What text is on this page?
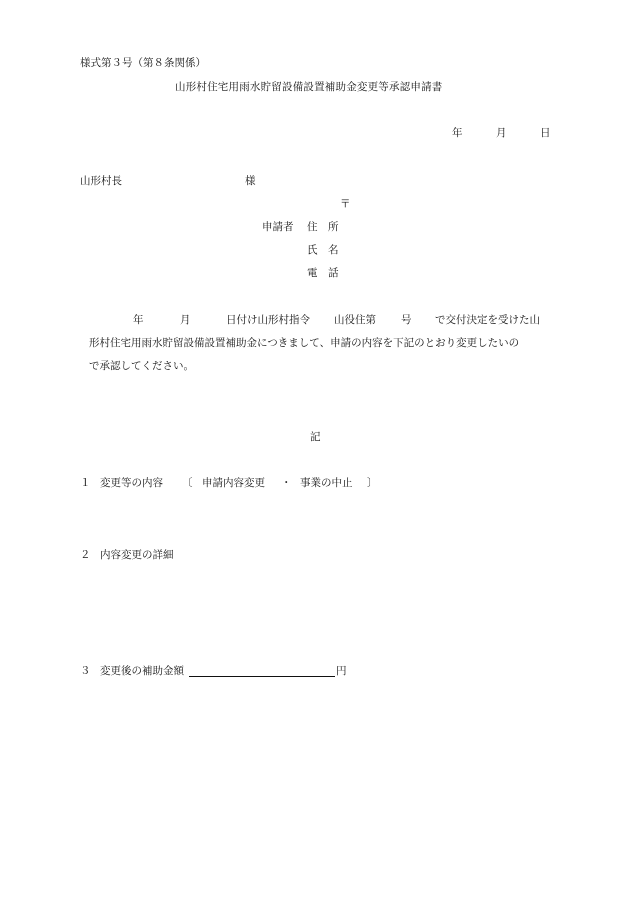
様式第３号（第８条関係）
山形村住宅用雨水貯留設備設置補助金変更等承認申請書
年	月	日
山形村長	様
〒
申請者 住　所
氏　名
電　話
年	月	日付け山形村指令 山役住第 号 で交付決定を受けた山
形村住宅用雨水貯留設備設置補助金につきまして、申請の内容を下記のとおり変更したいの
で承認してください。
記
１ 変更等の内容 〔 申請内容変更 ・ 事業の中止 〕
２ 内容変更の詳細
３ 変更後の補助金額	円
